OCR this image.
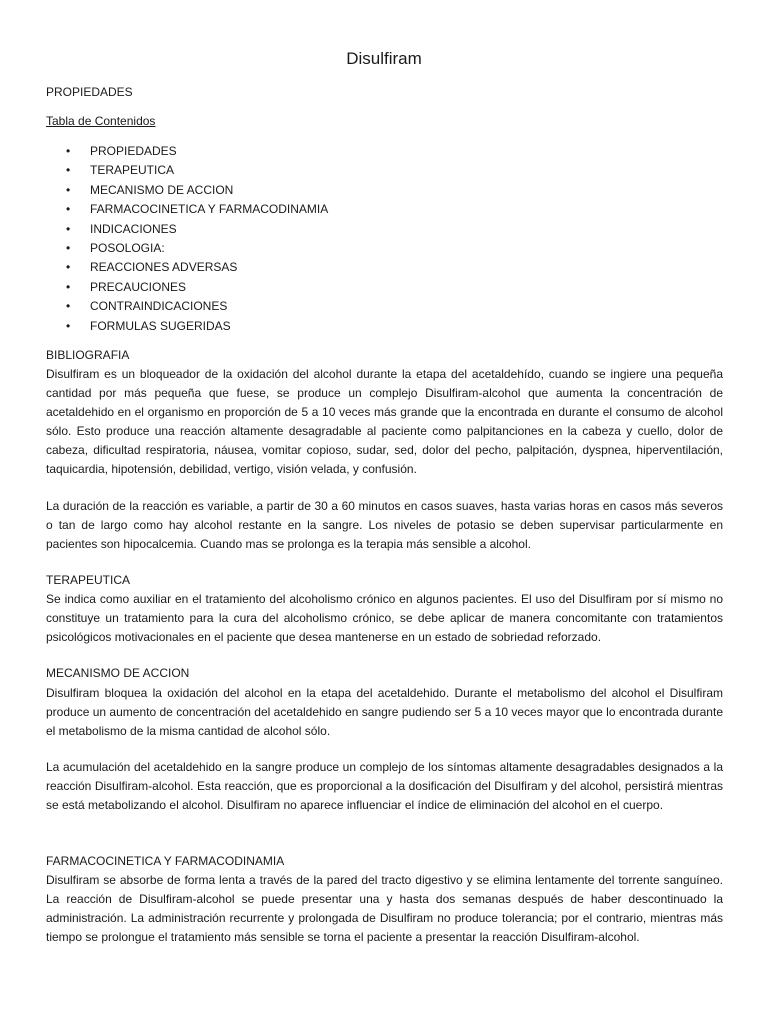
Disulfiram
PROPIEDADES
Tabla de Contenidos
• PROPIEDADES
• TERAPEUTICA
• MECANISMO DE ACCION
• FARMACOCINETICA Y FARMACODINAMIA
• INDICACIONES
• POSOLOGIA:
• REACCIONES ADVERSAS
• PRECAUCIONES
• CONTRAINDICACIONES
• FORMULAS SUGERIDAS
BIBLIOGRAFIA
Disulfiram es un bloqueador de la oxidación del alcohol durante la etapa del acetaldehído, cuando se ingiere una pequeña cantidad por más pequeña que fuese, se produce un complejo Disulfiram-alcohol que aumenta la concentración de acetaldehido en el organismo en proporción de 5 a 10 veces más grande que la encontrada en durante el consumo de alcohol sólo. Esto produce una reacción altamente desagradable al paciente como palpitanciones en la cabeza y cuello, dolor de cabeza, dificultad respiratoria, náusea, vomitar copioso, sudar, sed, dolor del pecho, palpitación, dyspnea, hiperventilación, taquicardia, hipotensión, debilidad, vertigo, visión velada, y confusión.
La duración de la reacción es variable, a partir de 30 a 60 minutos en casos suaves, hasta varias horas en casos más severos o tan de largo como hay alcohol restante en la sangre. Los niveles de potasio se deben supervisar particularmente en pacientes son hipocalcemia. Cuando mas se prolonga es la terapia más sensible a alcohol.
TERAPEUTICA
Se indica como auxiliar en el tratamiento del alcoholismo crónico en algunos pacientes. El uso del Disulfiram por sí mismo no constituye un tratamiento para la cura del alcoholismo crónico, se debe aplicar de manera concomitante con tratamientos psicológicos motivacionales en el paciente que desea mantenerse en un estado de sobriedad reforzado.
MECANISMO DE ACCION
Disulfiram bloquea la oxidación del alcohol en la etapa del acetaldehido. Durante el metabolismo del alcohol el Disulfiram produce un aumento de concentración del acetaldehido en sangre pudiendo ser 5 a 10 veces mayor que lo encontrada durante el metabolismo de la misma cantidad de alcohol sólo.
La acumulación del acetaldehido en la sangre produce un complejo de los síntomas altamente desagradables designados a la reacción Disulfiram-alcohol. Esta reacción, que es proporcional a la dosificación del Disulfiram y del alcohol, persistirá mientras se está metabolizando el alcohol. Disulfiram no aparece influenciar el índice de eliminación del alcohol en el cuerpo.
FARMACOCINETICA Y FARMACODINAMIA
Disulfiram se absorbe de forma lenta a través de la pared del tracto digestivo y se elimina lentamente del torrente sanguíneo. La reacción de Disulfiram-alcohol se puede presentar una y hasta dos semanas después de haber descontinuado la administración. La administración recurrente y prolongada de Disulfiram no produce tolerancia; por el contrario, mientras más tiempo se prolongue el tratamiento más sensible se torna el paciente a presentar la reacción Disulfiram-alcohol.
